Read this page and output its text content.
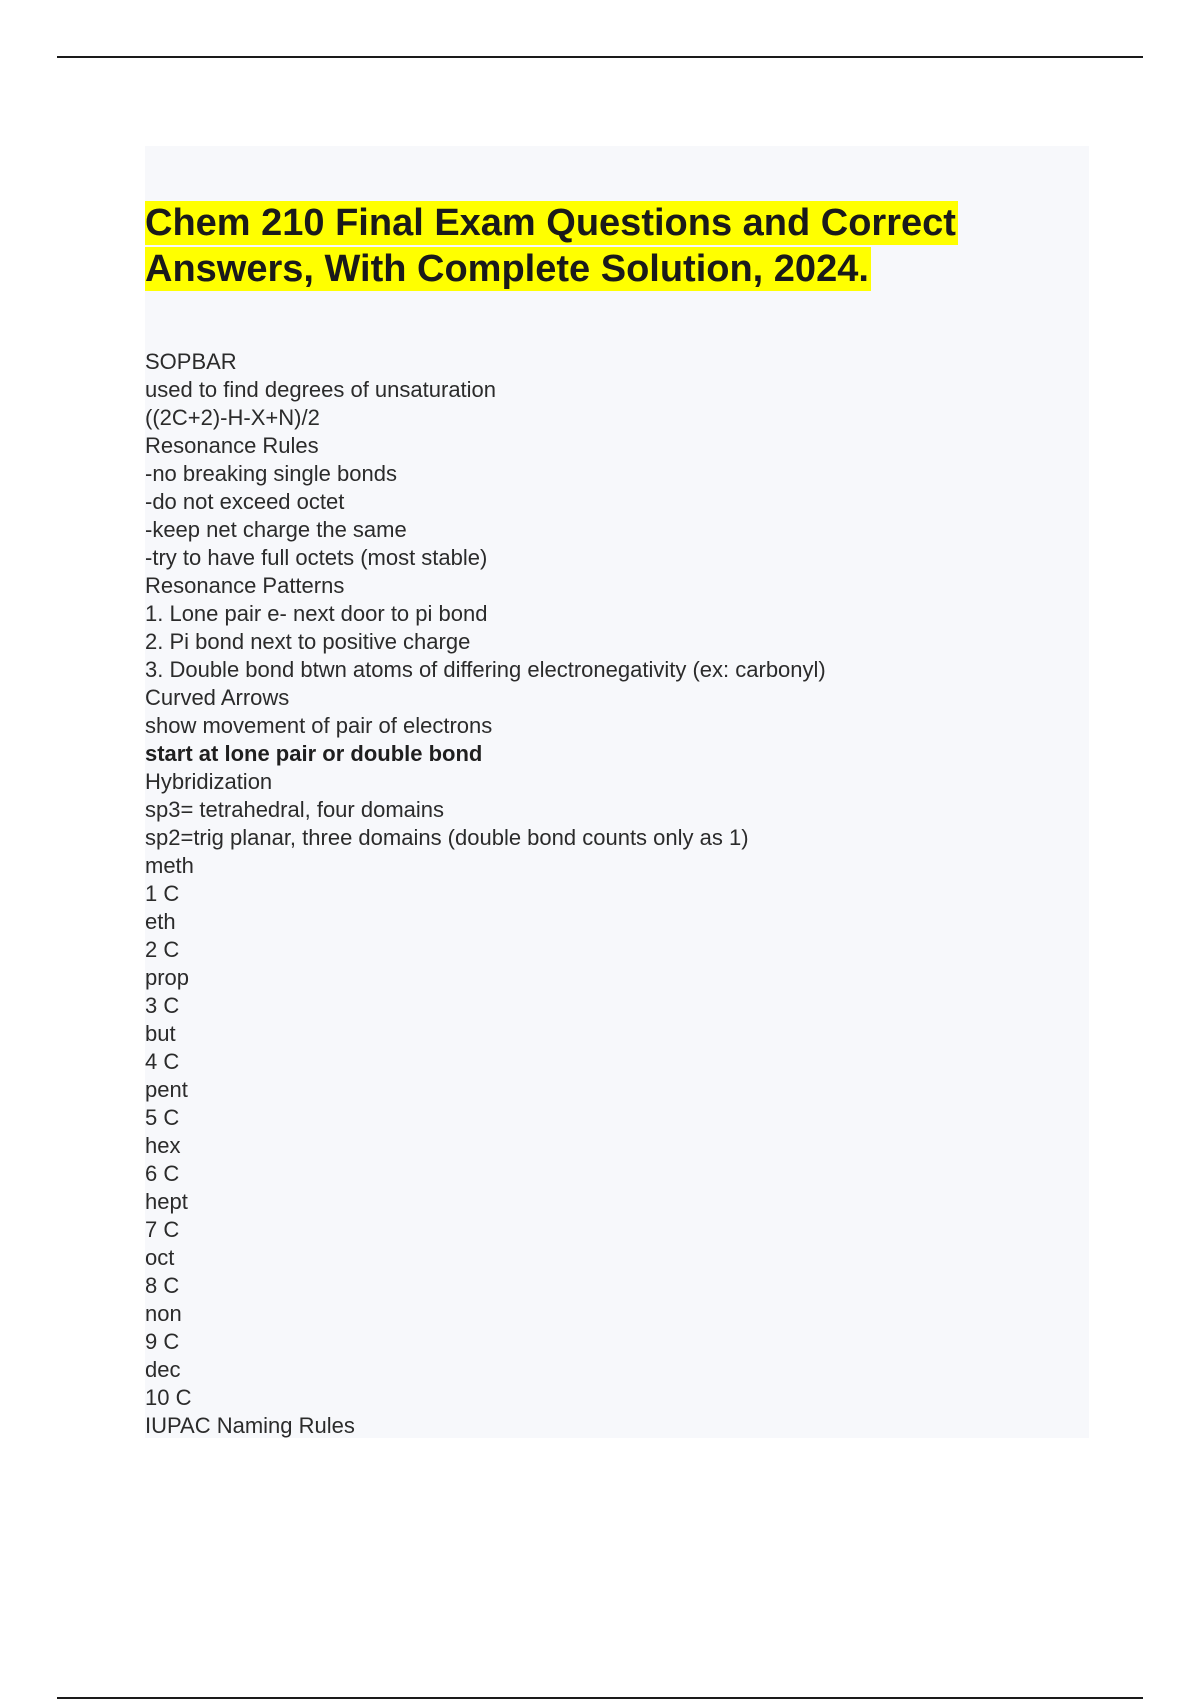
Chem 210 Final Exam Questions and Correct Answers, With Complete Solution, 2024.
SOPBAR
used to find degrees of unsaturation
((2C+2)-H-X+N)/2
Resonance Rules
-no breaking single bonds
-do not exceed octet
-keep net charge the same
-try to have full octets (most stable)
Resonance Patterns
1. Lone pair e- next door to pi bond
2. Pi bond next to positive charge
3. Double bond btwn atoms of differing electronegativity (ex: carbonyl)
Curved Arrows
show movement of pair of electrons
start at lone pair or double bond
Hybridization
sp3= tetrahedral, four domains
sp2=trig planar, three domains (double bond counts only as 1)
meth
1 C
eth
2 C
prop
3 C
but
4 C
pent
5 C
hex
6 C
hept
7 C
oct
8 C
non
9 C
dec
10 C
IUPAC Naming Rules
